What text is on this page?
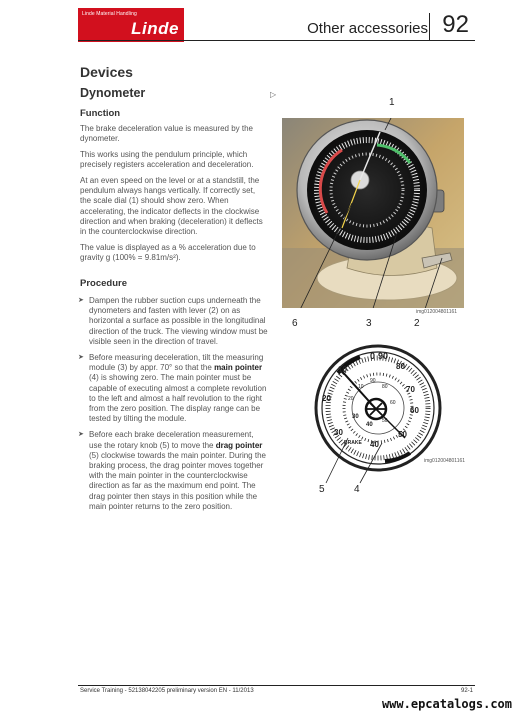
Linde Material Handling
Linde	Other accessories 92
Devices
Dynometer	▷
Function

The brake deceleration value is measured by the dynometer.

This works using the pendulum principle, which precisely registers acceleration and deceleration.

At an even speed on the level or at a standstill, the pendulum always hangs vertically. If correctly set, the scale dial (1) should show zero. When accelerating, the indicator deflects in the clockwise direction and when braking (deceleration) it deflects in the counterclockwise direction.

The value is displayed as a % acceleration due to gravity g (100% = 9.81m/s²).

Procedure
➤ Dampen the rubber suction cups underneath the dynometers and fasten with lever (2) on as horizontal a surface as possible in the longitudinal direction of the truck. The viewing window must be visible seen in the direction of travel.
➤ Before measuring deceleration, tilt the measuring module (3) by appr. 70° so that the main pointer (4) is showing zero. The main pointer must be capable of executing almost a complete revolution to the left and almost a half revolution to the right from the zero position. The display range can be tested by tilting the module.
➤ Before each brake deceleration measurement, use the rotary knob (5) to move the drag pointer (5) clockwise towards the main pointer. During the braking process, the drag pointer moves together with the main pointer in the counterclockwise direction as far as the maximum end point. The drag pointer then stays in this position while the main pointer returns to the zero position.
1
6	3	2
img012004801161
0 90
10	80
20
70
60
50
40
30
10
20
30
40
50
60
80
90
BRAKE
5	4
img012004801161
Service Training - 52138042205 preliminary version EN - 11/2013	92-1
www.epcatalogs.com
